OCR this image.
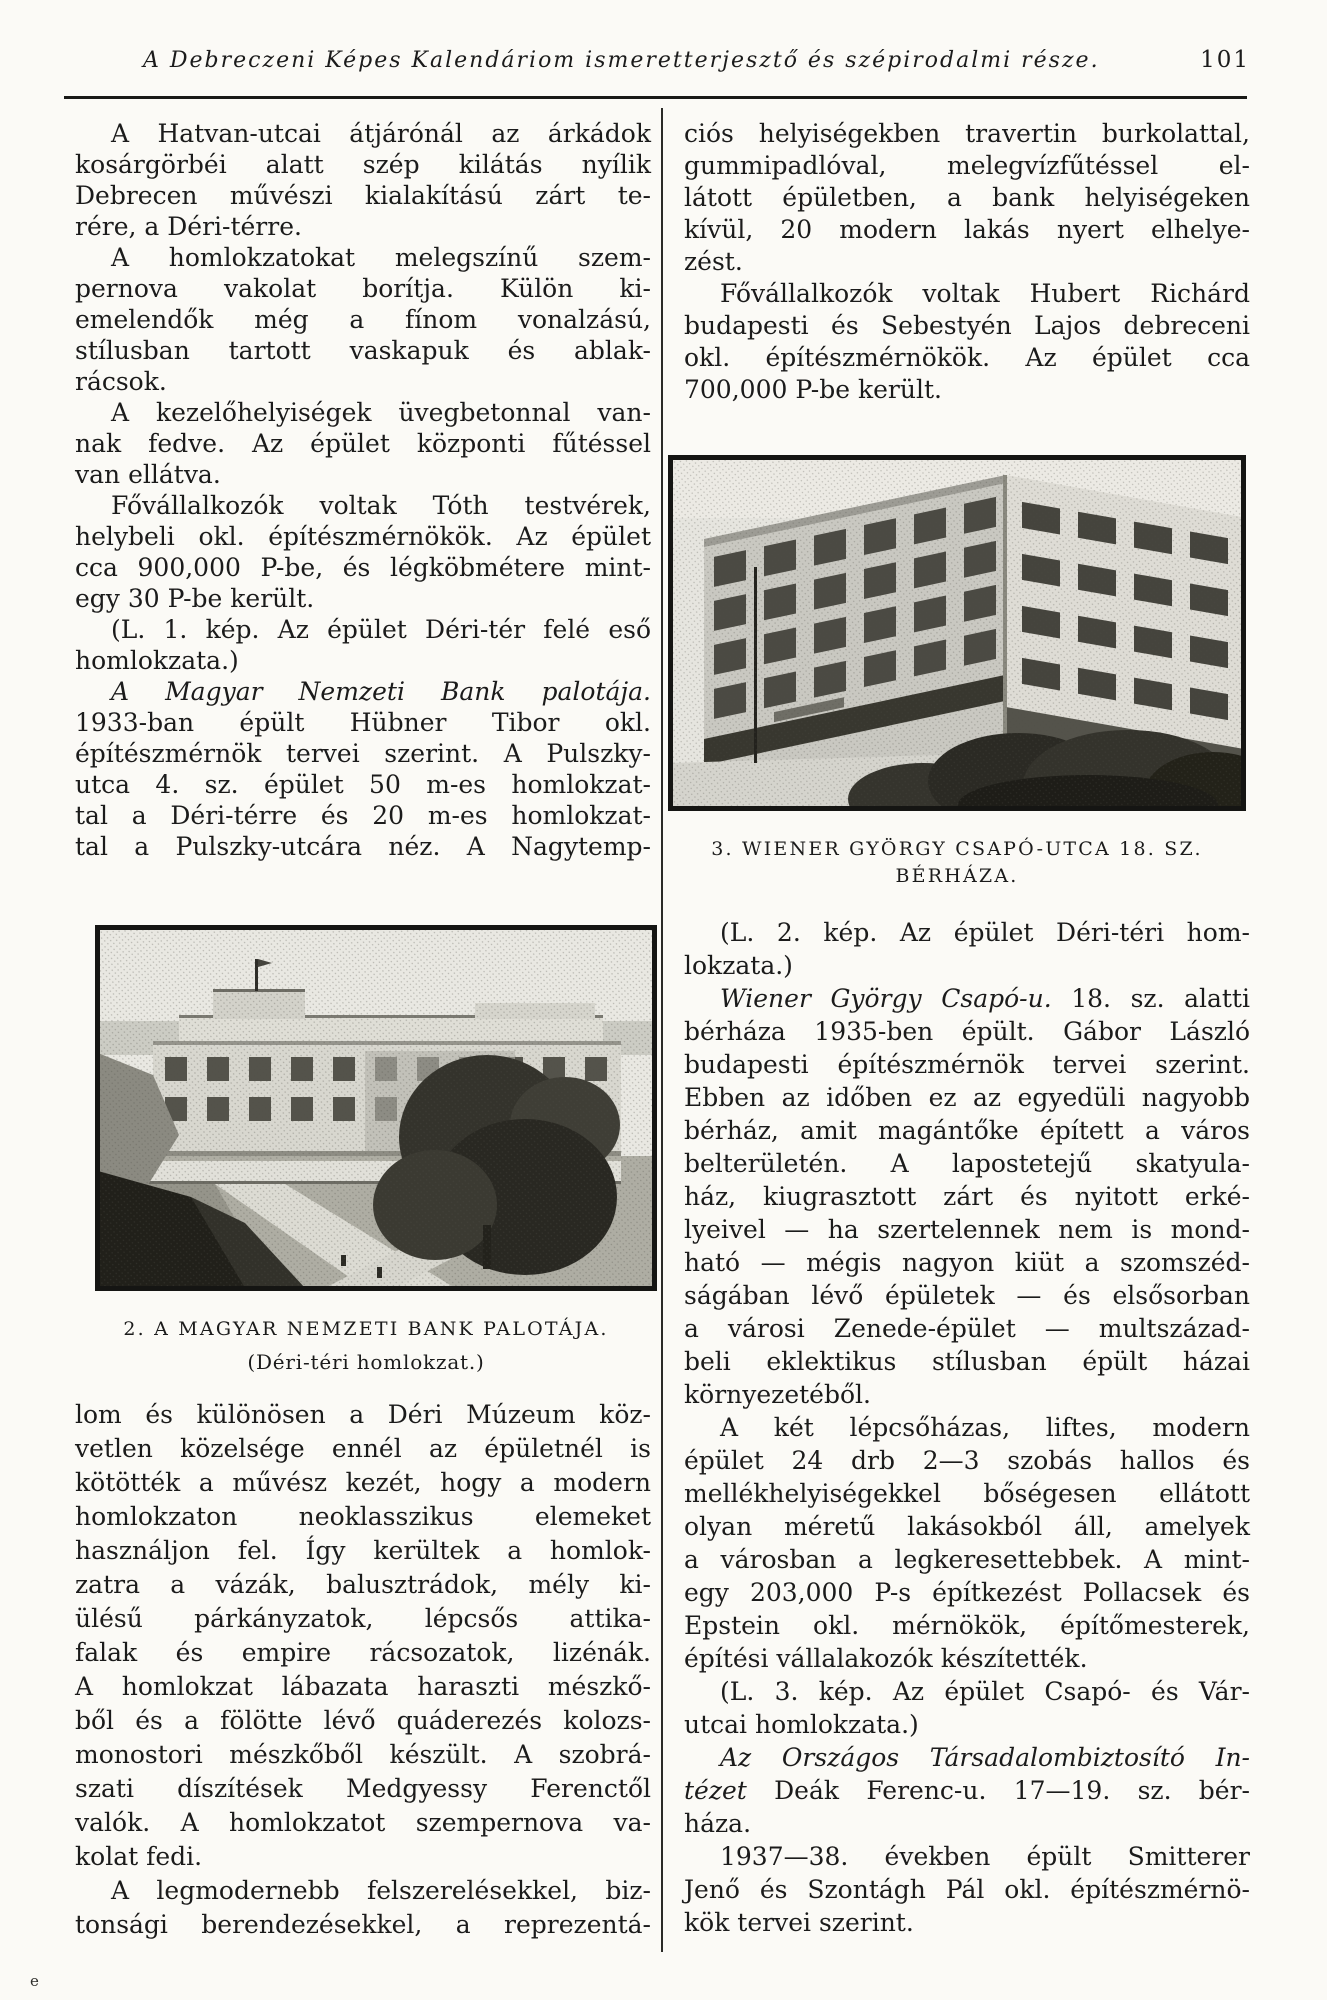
A Debreczeni Képes Kalendáriom ismeretterjesztő és szépirodalmi része.	101
A Hatvan-utcai átjárónál az árkádok
kosárgörbéi alatt szép kilátás nyílik
Debrecen művészi kialakítású zárt te-
rére, a Déri-térre.
A homlokzatokat melegszínű szem-
pernova vakolat borítja. Külön ki-
emelendők még a fínom vonalzású,
stílusban tartott vaskapuk és ablak-
rácsok.
A kezelőhelyiségek üvegbetonnal van-
nak fedve. Az épület központi fűtéssel
van ellátva.
Fővállalkozók voltak Tóth testvérek,
helybeli okl. építészmérnökök. Az épület
cca 900,000 P-be, és légköbmétere mint-
egy 30 P-be került.
(L. 1. kép. Az épület Déri-tér felé eső
homlokzata.)
A Magyar Nemzeti Bank palotája.
1933-ban épült Hübner Tibor okl.
építészmérnök tervei szerint. A Pulszky-
utca 4. sz. épület 50 m-es homlokzat-
tal a Déri-térre és 20 m-es homlokzat-
tal a Pulszky-utcára néz. A Nagytemp-
ciós helyiségekben travertin burkolattal,
gummipadlóval, melegvízfűtéssel el-
látott épületben, a bank helyiségeken
kívül, 20 modern lakás nyert elhelye-
zést.
Fővállalkozók voltak Hubert Richárd
budapesti és Sebestyén Lajos debreceni
okl. építészmérnökök. Az épület cca
700,000 P-be került.
lom és különösen a Déri Múzeum köz-
vetlen közelsége ennél az épületnél is
kötötték a művész kezét, hogy a modern
homlokzaton neoklasszikus elemeket
használjon fel. Így kerültek a homlok-
zatra a vázák, balusztrádok, mély ki-
ülésű párkányzatok, lépcsős attika-
falak és empire rácsozatok, lizénák.
A homlokzat lábazata haraszti mészkő-
ből és a fölötte lévő quáderezés kolozs-
monostori mészkőből készült. A szobrá-
szati díszítések Medgyessy Ferenctől
valók. A homlokzatot szempernova va-
kolat fedi.
A legmodernebb felszerelésekkel, biz-
tonsági berendezésekkel, a reprezentá-
(L. 2. kép. Az épület Déri-téri hom-
lokzata.)
Wiener György Csapó-u. 18. sz. alatti
bérháza 1935-ben épült. Gábor László
budapesti építészmérnök tervei szerint.
Ebben az időben ez az egyedüli nagyobb
bérház, amit magántőke épített a város
belterületén. A lapostetejű skatyula-
ház, kiugrasztott zárt és nyitott erké-
lyeivel — ha szertelennek nem is mond-
ható — mégis nagyon kiüt a szomszéd-
ságában lévő épületek — és elsősorban
a városi Zenede-épület — multszázad-
beli eklektikus stílusban épült házai
környezetéből.
A két lépcsőházas, liftes, modern
épület 24 drb 2—3 szobás hallos és
mellékhelyiségekkel bőségesen ellátott
olyan méretű lakásokból áll, amelyek
a városban a legkeresettebbek. A mint-
egy 203,000 P-s építkezést Pollacsek és
Epstein okl. mérnökök, építőmesterek,
építési vállalakozók készítették.
(L. 3. kép. Az épület Csapó- és Vár-
utcai homlokzata.)
Az Országos Társadalombiztosító In-
tézet Deák Ferenc-u. 17—19. sz. bér-
háza.
1937—38. években épült Smitterer
Jenő és Szontágh Pál okl. építészmérnö-
kök tervei szerint.
3. WIENER GYÖRGY CSAPÓ-UTCA 18. SZ.
BÉRHÁZA.
2. A MAGYAR NEMZETI BANK PALOTÁJA.
(Déri-téri homlokzat.)
e
